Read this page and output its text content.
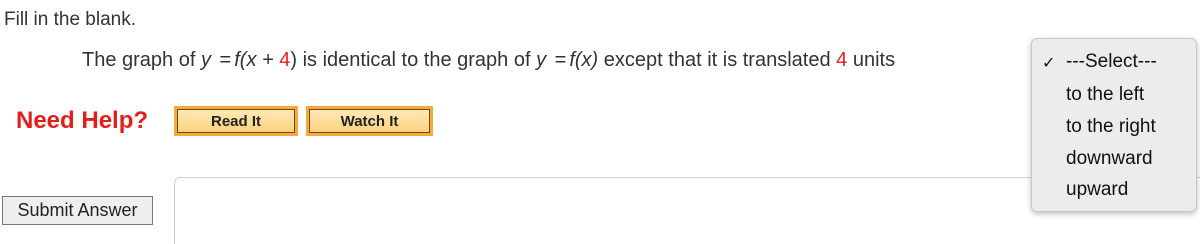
Fill in the blank.
The graph of y = f(x + 4) is identical to the graph of y = f(x) except that it is translated 4 units
Need Help?	Read It	Watch It
Submit Answer
✓ ---Select---
to the left
to the right
downward
upward
